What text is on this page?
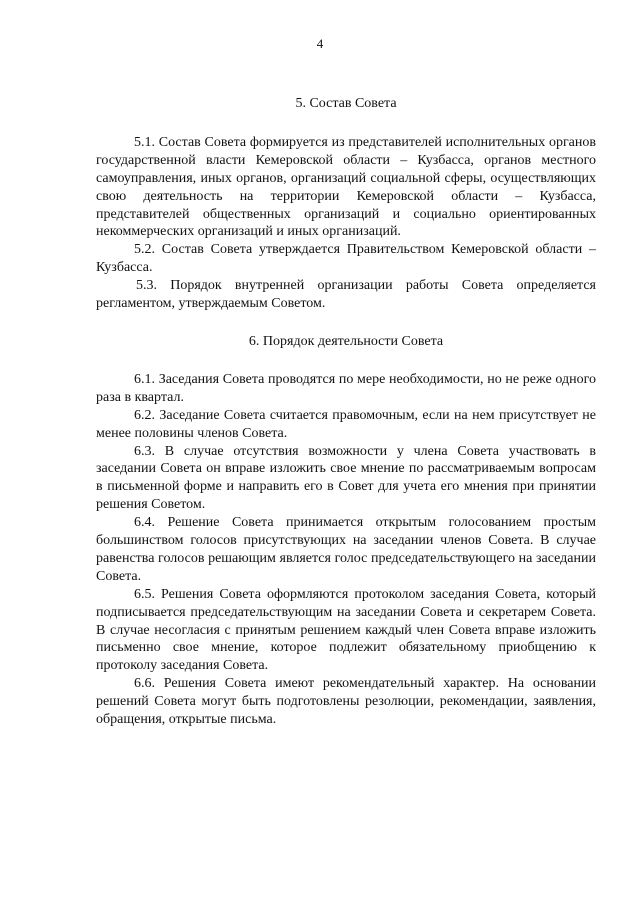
4

5. Состав Совета

5.1. Состав Совета формируется из представителей исполнительных органов государственной власти Кемеровской области – Кузбасса, органов местного самоуправления, иных органов, организаций социальной сферы, осуществляющих свою деятельность на территории Кемеровской области – Кузбасса, представителей общественных организаций и социально ориентированных некоммерческих организаций и иных организаций.

5.2. Состав Совета утверждается Правительством Кемеровской области – Кузбасса.

5.3. Порядок внутренней организации работы Совета определяется регламентом, утверждаемым Советом.

6. Порядок деятельности Совета

6.1. Заседания Совета проводятся по мере необходимости, но не реже одного раза в квартал.

6.2. Заседание Совета считается правомочным, если на нем присутствует не менее половины членов Совета.

6.3. В случае отсутствия возможности у члена Совета участвовать в заседании Совета он вправе изложить свое мнение по рассматриваемым вопросам в письменной форме и направить его в Совет для учета его мнения при принятии решения Советом.

6.4. Решение Совета принимается открытым голосованием простым большинством голосов присутствующих на заседании членов Совета. В случае равенства голосов решающим является голос председательствующего на заседании Совета.

6.5. Решения Совета оформляются протоколом заседания Совета, который подписывается председательствующим на заседании Совета и секретарем Совета. В случае несогласия с принятым решением каждый член Совета вправе изложить письменно свое мнение, которое подлежит обязательному приобщению к протоколу заседания Совета.

6.6. Решения Совета имеют рекомендательный характер. На основании решений Совета могут быть подготовлены резолюции, рекомендации, заявления, обращения, открытые письма.
